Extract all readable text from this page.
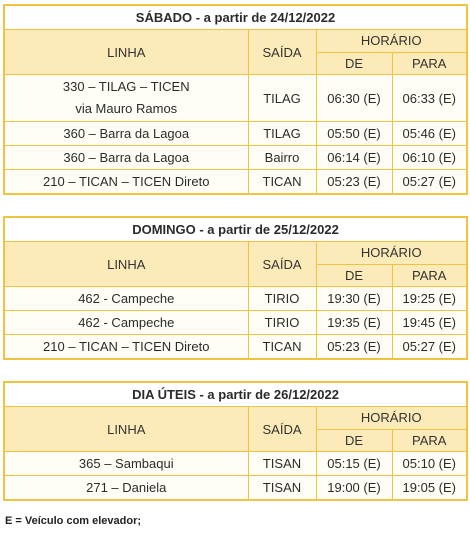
SÁBADO - a partir de 24/12/2022			
LINHA	SAÍDA	HORÁRIO	
		DE	PARA

330 – TILAG – TICEN
via Mauro Ramos	TILAG	06:30 (E)	06:33 (E)
360 – Barra da Lagoa	TILAG	05:50 (E)	05:46 (E)
360 – Barra da Lagoa	Bairro	06:14 (E)	06:10 (E)
210 – TICAN – TICEN Direto	TICAN	05:23 (E)	05:27 (E)
DOMINGO - a partir de 25/12/2022			
LINHA	SAÍDA	HORÁRIO	
		DE	PARA
462 - Campeche	TIRIO	19:30 (E)	19:25 (E)
462 - Campeche	TIRIO	19:35 (E)	19:45 (E)
210 – TICAN – TICEN Direto	TICAN	05:23 (E)	05:27 (E)
DIA ÚTEIS - a partir de 26/12/2022			
LINHA	SAÍDA	HORÁRIO	
		DE	PARA
365 – Sambaqui	TISAN	05:15 (E)	05:10 (E)
271 – Daniela	TISAN	19:00 (E)	19:05 (E)
E = Veículo com elevador;
